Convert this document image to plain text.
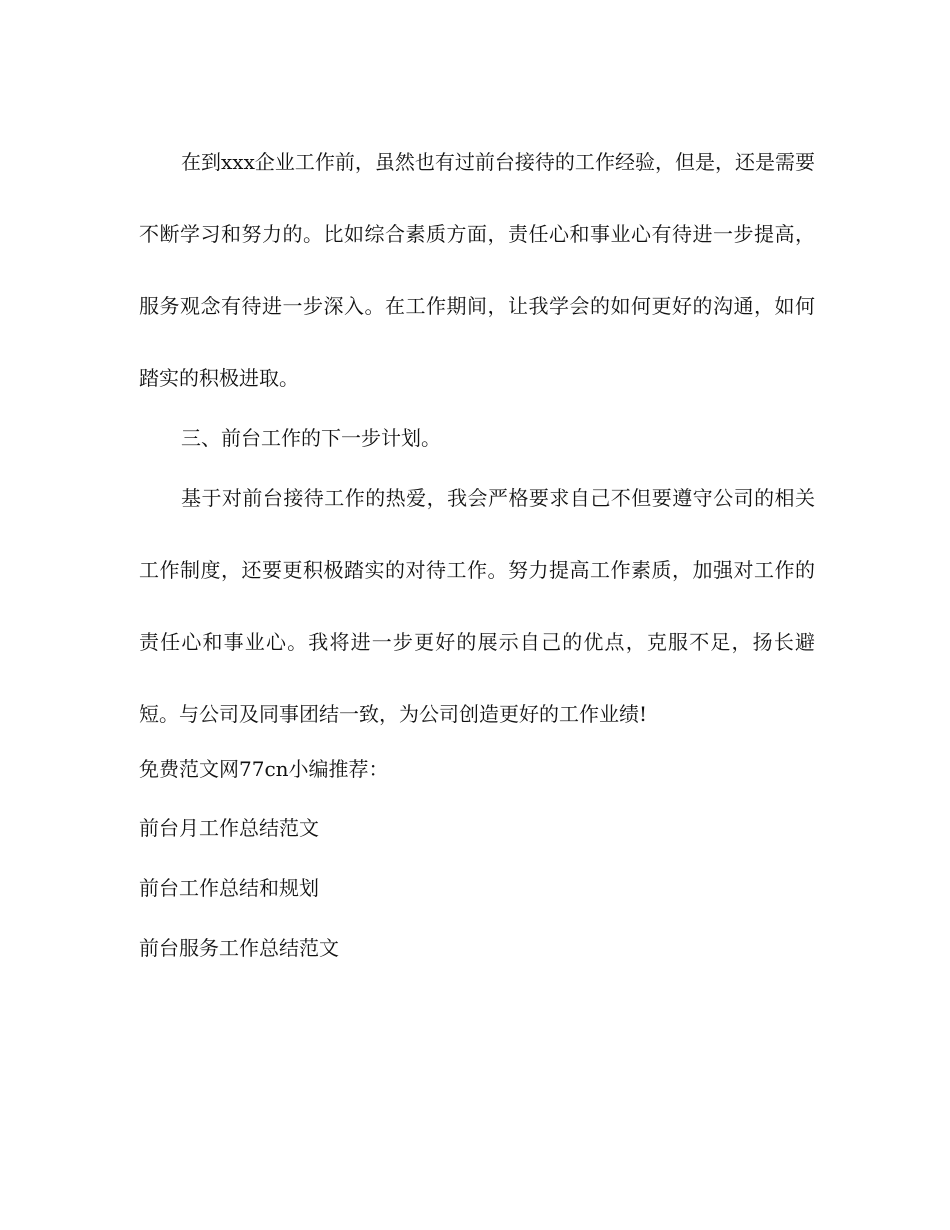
在到xxx企业工作前，虽然也有过前台接待的工作经验，但是，还是需要不断学习和努力的。比如综合素质方面，责任心和事业心有待进一步提高，服务观念有待进一步深入。在工作期间，让我学会的如何更好的沟通，如何踏实的积极进取。

三、前台工作的下一步计划。

基于对前台接待工作的热爱，我会严格要求自己不但要遵守公司的相关工作制度，还要更积极踏实的对待工作。努力提高工作素质，加强对工作的责任心和事业心。我将进一步更好的展示自己的优点，克服不足，扬长避短。与公司及同事团结一致，为公司创造更好的工作业绩!

免费范文网77cn小编推荐：

前台月工作总结范文
前台工作总结和规划
前台服务工作总结范文
